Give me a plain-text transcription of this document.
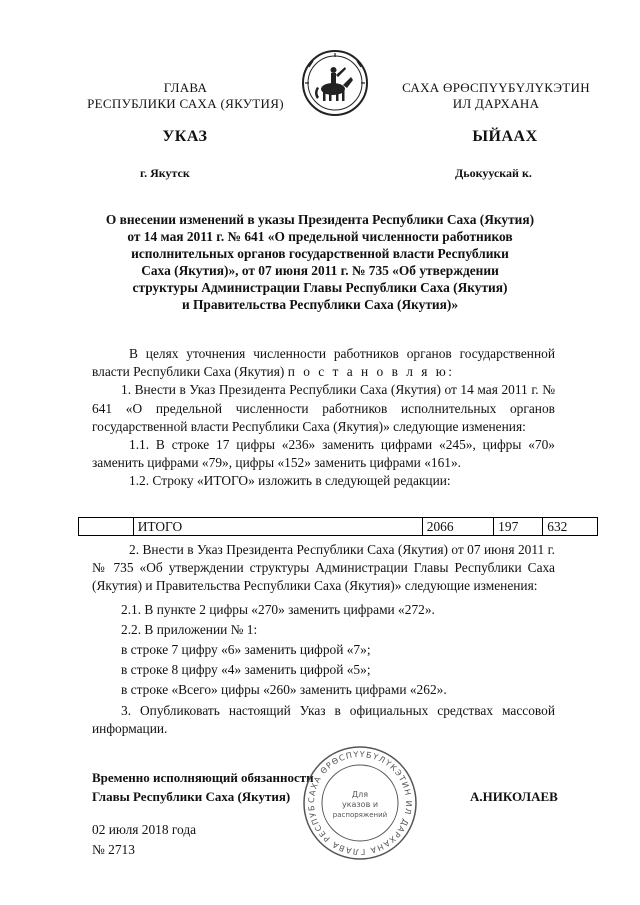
ГЛАВА
РЕСПУБЛИКИ САХА (ЯКУТИЯ)
САХА ӨРӨСПҮҮБҮЛҮКЭТИН
ИЛ ДАРХАНА
УКАЗ	ЫЙААХ
г. Якутск	Дьокуускай к.
О внесении изменений в указы Президента Республики Саха (Якутия)
от 14 мая 2011 г. № 641 «О предельной численности работников
исполнительных органов государственной власти Республики
Саха (Якутия)», от 07 июня 2011 г. № 735 «Об утверждении
структуры Администрации Главы Республики Саха (Якутия)
и Правительства Республики Саха (Якутия)»

В целях уточнения численности работников органов государственной власти Республики Саха (Якутия) п о с т а н о в л я ю:

1. Внести в Указ Президента Республики Саха (Якутия) от 14 мая 2011 г. № 641 «О предельной численности работников исполнительных органов государственной власти Республики Саха (Якутия)» следующие изменения:

1.1. В строке 17 цифры «236» заменить цифрами «245», цифры «70» заменить цифрами «79», цифры «152» заменить цифрами «161».

1.2. Строку «ИТОГО» изложить в следующей редакции:

	ИТОГО	2066	197	632

2. Внести в Указ Президента Республики Саха (Якутия) от 07 июня 2011 г. № 735 «Об утверждении структуры Администрации Главы Республики Саха (Якутия) и Правительства Республики Саха (Якутия)» следующие изменения:

2.1. В пункте 2 цифры «270» заменить цифрами «272».

2.2. В приложении № 1:

в строке 7 цифру «6» заменить цифрой «7»;

в строке 8 цифру «4» заменить цифрой «5»;

в строке «Всего» цифры «260» заменить цифрами «262».

3. Опубликовать настоящий Указ в официальных средствах массовой информации.

Временно исполняющий обязанности
Главы Республики Саха (Якутия)	А.НИКОЛАЕВ
САХА ӨРӨСПҮҮБҮЛҮКЭТИН ИЛ ДАРХАНА ГЛАВА РЕСПУБ
Для
указов и
распоряжений
02 июля 2018 года
№ 2713
